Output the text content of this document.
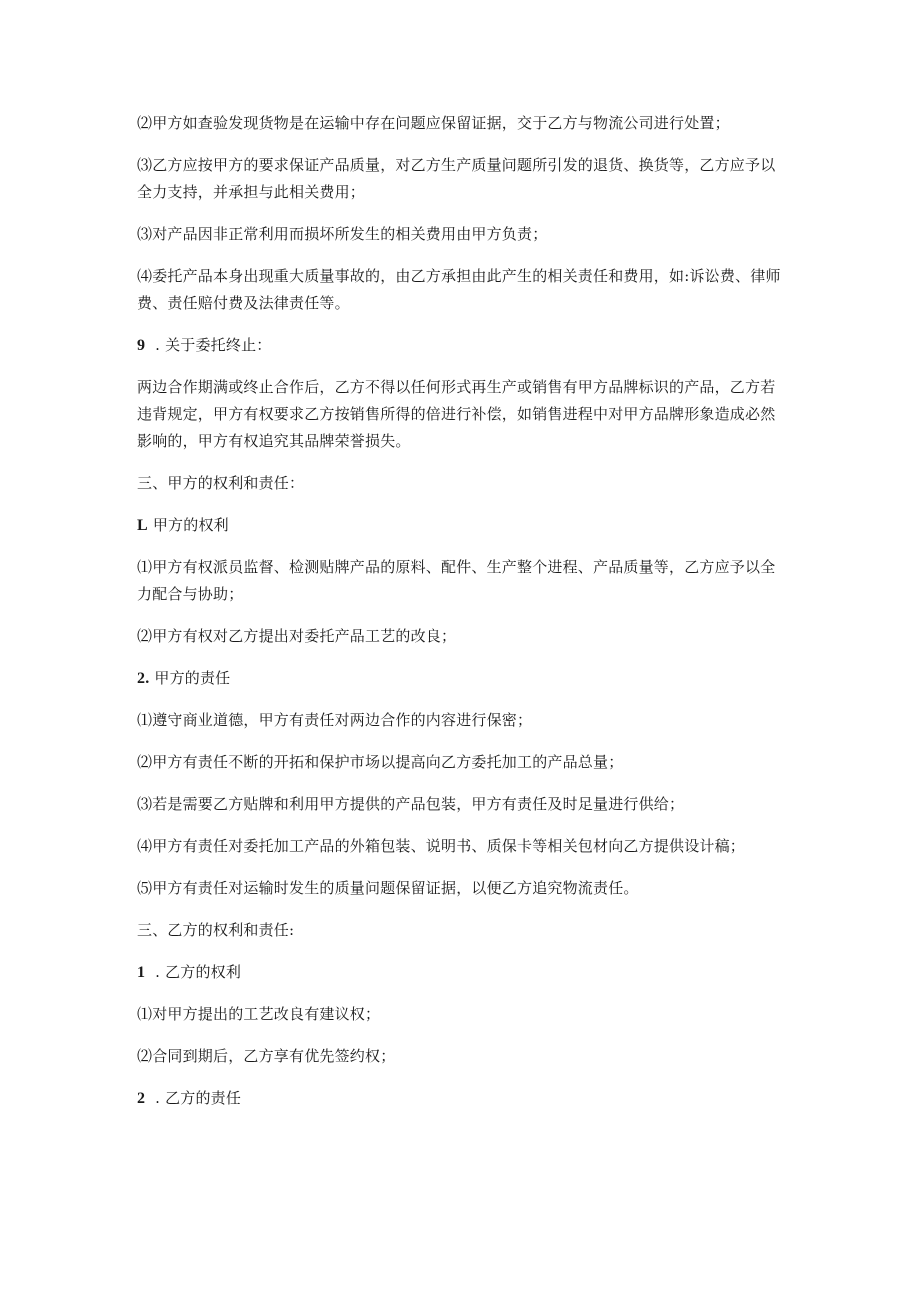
⑵甲方如查验发现货物是在运输中存在问题应保留证据，交于乙方与物流公司进行处置；

⑶乙方应按甲方的要求保证产品质量，对乙方生产质量问题所引发的退货、换货等，乙方应予以全力支持，并承担与此相关费用；

⑶对产品因非正常利用而损坏所发生的相关费用由甲方负责；

⑷委托产品本身出现重大质量事故的，由乙方承担由此产生的相关责任和费用，如:诉讼费、律师费、责任赔付费及法律责任等。

9  . 关于委托终止：

两边合作期满或终止合作后，乙方不得以任何形式再生产或销售有甲方品牌标识的产品，乙方若违背规定，甲方有权要求乙方按销售所得的倍进行补偿，如销售进程中对甲方品牌形象造成必然影响的，甲方有权追究其品牌荣誉损失。

三、甲方的权利和责任：

L 甲方的权利

⑴甲方有权派员监督、检测贴牌产品的原料、配件、生产整个进程、产品质量等，乙方应予以全力配合与协助；

⑵甲方有权对乙方提出对委托产品工艺的改良；

2. 甲方的责任

⑴遵守商业道德，甲方有责任对两边合作的内容进行保密；

⑵甲方有责任不断的开拓和保护市场以提高向乙方委托加工的产品总量；

⑶若是需要乙方贴牌和利用甲方提供的产品包装，甲方有责任及时足量进行供给；

⑷甲方有责任对委托加工产品的外箱包装、说明书、质保卡等相关包材向乙方提供设计稿；

⑸甲方有责任对运输时发生的质量问题保留证据，以便乙方追究物流责任。

三、乙方的权利和责任:

1  . 乙方的权利

⑴对甲方提出的工艺改良有建议权；

⑵合同到期后，乙方享有优先签约权；

2  . 乙方的责任
